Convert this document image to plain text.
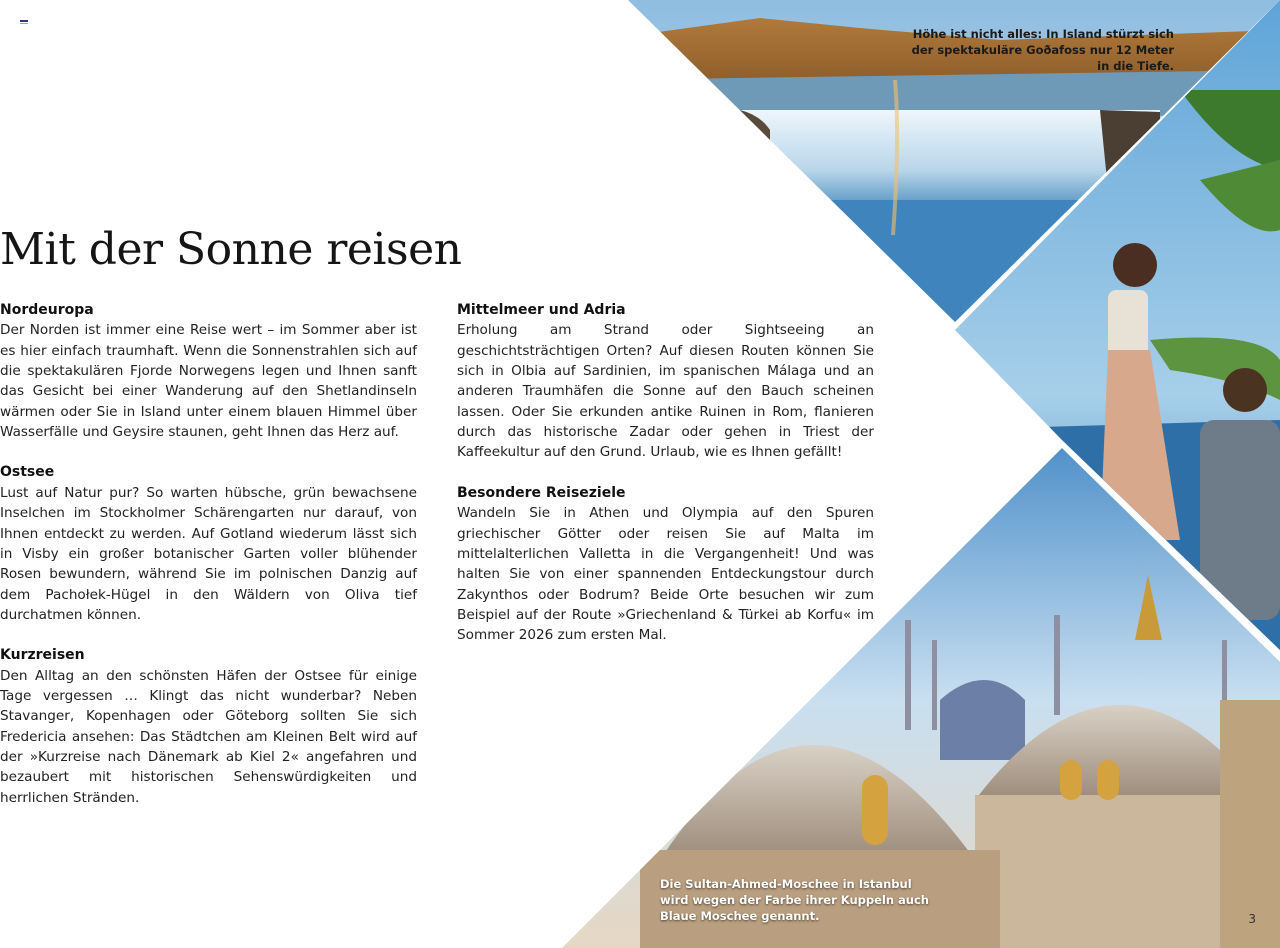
Mit der Sonne reisen
Nordeuropa

Der Norden ist immer eine Reise wert – im Sommer aber ist es hier einfach traumhaft. Wenn die Sonnenstrahlen sich auf die spektakulären Fjorde Norwegens legen und Ihnen sanft das Gesicht bei einer Wanderung auf den Shetlandinseln wärmen oder Sie in Island unter einem blauen Himmel über Wasserfälle und Geysire staunen, geht Ihnen das Herz auf.

Ostsee

Lust auf Natur pur? So warten hübsche, grün bewachsene Inselchen im Stockholmer Schärengarten nur darauf, von Ihnen entdeckt zu werden. Auf Gotland wiederum lässt sich in Visby ein großer botanischer Garten voller blühender Rosen bewundern, während Sie im polnischen Danzig auf dem Pachołek-Hügel in den Wäldern von Oliva tief durchatmen können.

Kurzreisen

Den Alltag an den schönsten Häfen der Ostsee für einige Tage vergessen … Klingt das nicht wunderbar? Neben Stavanger, Kopenhagen oder Göteborg sollten Sie sich Fredericia ansehen: Das Städtchen am Kleinen Belt wird auf der »Kurzreise nach Dänemark ab Kiel 2« angefahren und bezaubert mit historischen Sehenswürdigkeiten und herrlichen Stränden.

Mittelmeer und Adria

Erholung am Strand oder Sightseeing an geschichtsträchtigen Orten? Auf diesen Routen können Sie sich in Olbia auf Sardinien, im spanischen Málaga und an anderen Traumhäfen die Sonne auf den Bauch scheinen lassen. Oder Sie erkunden antike Ruinen in Rom, flanieren durch das historische Zadar oder gehen in Triest der Kaffeekultur auf den Grund. Urlaub, wie es Ihnen gefällt!

Besondere Reiseziele

Wandeln Sie in Athen und Olympia auf den Spuren griechischer Götter oder reisen Sie auf Malta im mittelalterlichen Valletta in die Vergangenheit! Und was halten Sie von einer spannenden Entdeckungstour durch Zakynthos oder Bodrum? Beide Orte besuchen wir zum Beispiel auf der Route »Griechenland & Türkei ab Korfu« im Sommer 2026 zum ersten Mal.

Höhe ist nicht alles: In Island stürzt sich der spektakuläre Goðafoss nur 12 Meter in die Tiefe.
Die Sultan-Ahmed-Moschee in Istanbul wird wegen der Farbe ihrer Kuppeln auch Blaue Moschee genannt.	3
